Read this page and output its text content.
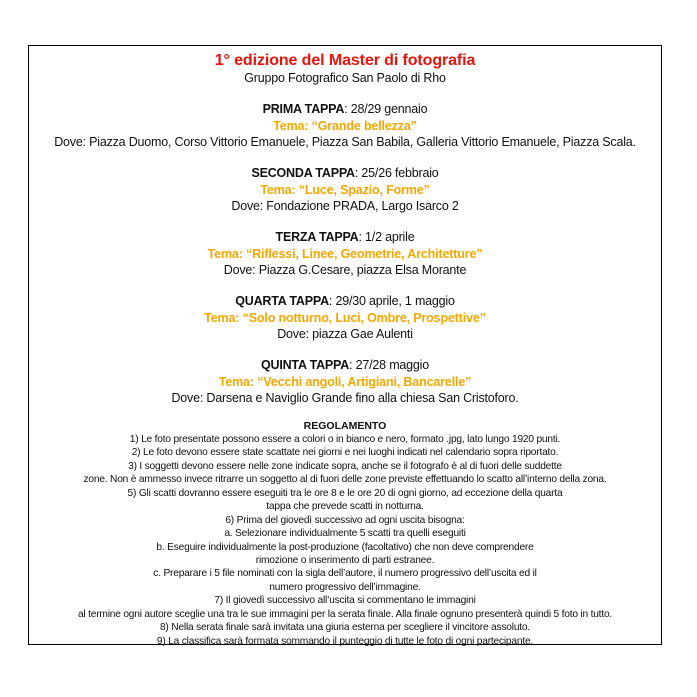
1° edizione del Master di fotografia
Gruppo Fotografico San Paolo di Rho
PRIMA TAPPA: 28/29 gennaio
Tema: “Grande bellezza”
Dove: Piazza Duomo, Corso Vittorio Emanuele, Piazza San Babila, Galleria Vittorio Emanuele, Piazza Scala.
SECONDA TAPPA: 25/26 febbraio
Tema: “Luce, Spazio, Forme”
Dove: Fondazione PRADA, Largo Isarco 2
TERZA TAPPA: 1/2 aprile
Tema: “Riflessi, Linee, Geometrie, Architetture”
Dove: Piazza G.Cesare, piazza Elsa Morante
QUARTA TAPPA: 29/30 aprile, 1 maggio
Tema: “Solo notturno, Luci, Ombre, Prospettive”
Dove: piazza Gae Aulenti
QUINTA TAPPA: 27/28 maggio
Tema: “Vecchi angoli, Artigiani, Bancarelle”
Dove: Darsena e Naviglio Grande fino alla chiesa San Cristoforo.
REGOLAMENTO
1) Le foto presentate possono essere a colori o in bianco e nero, formato .jpg, lato lungo 1920 punti.
2) Le foto devono essere state scattate nei giorni e nei luoghi indicati nel calendario sopra riportato.
3) I soggetti devono essere nelle zone indicate sopra, anche se il fotografo è al di fuori delle suddette
zone. Non è ammesso invece ritrarre un soggetto al di fuori delle zone previste effettuando lo scatto all’interno della zona.
5) Gli scatti dovranno essere eseguiti tra le ore 8 e le ore 20 di ogni giorno, ad eccezione della quarta
tappa che prevede scatti in notturna.
6) Prima del giovedì successivo ad ogni uscita bisogna:
a. Selezionare individualmente 5 scatti tra quelli eseguiti
b. Eseguire individualmente la post-produzione (facoltativo) che non deve comprendere
rimozione o inserimento di parti estranee.
c. Preparare i 5 file nominati con la sigla dell’autore, il numero progressivo dell’uscita ed il
numero progressivo dell’immagine.
7) Il giovedì successivo all’uscita si commentano le immagini
al termine ogni autore sceglie una tra le sue immagini per la serata finale. Alla finale ognuno presenterà quindi 5 foto in tutto.
8) Nella serata finale sarà invitata una giuria esterna per scegliere il vincitore assoluto.
9) La classifica sarà formata sommando il punteggio di tutte le foto di ogni partecipante.
